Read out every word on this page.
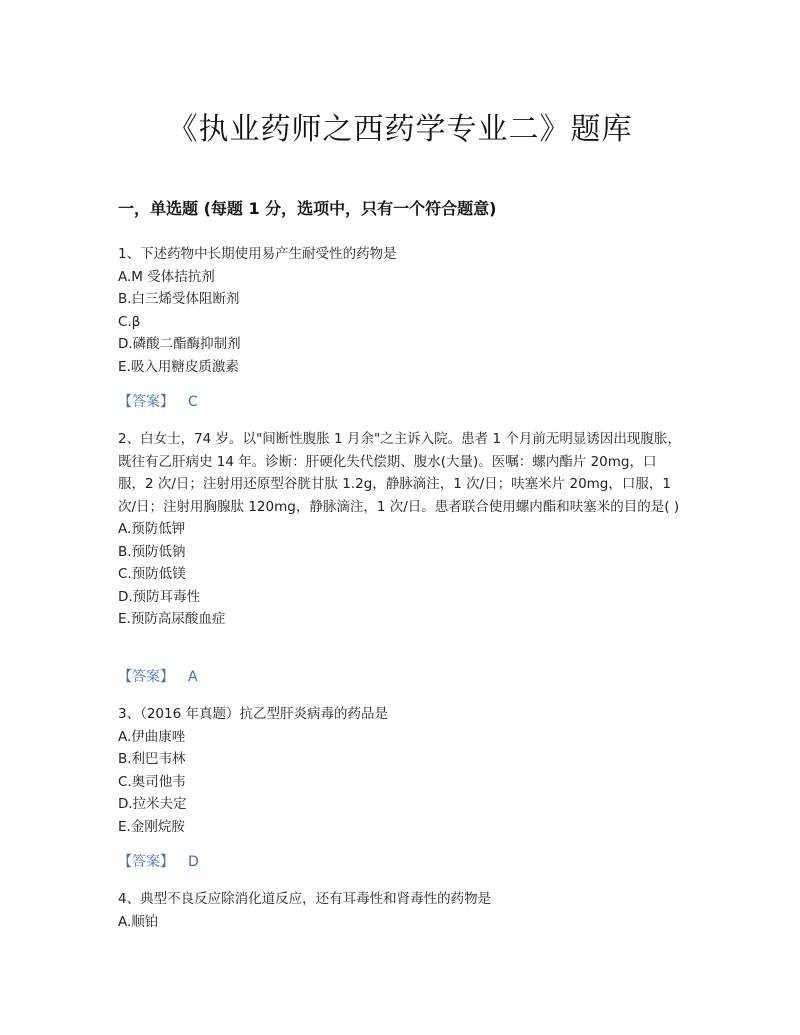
《执业药师之西药学专业二》题库
一，单选题 (每题 1 分，选项中，只有一个符合题意)

1、下述药物中长期使用易产生耐受性的药物是

A.M 受体拮抗剂

B.白三烯受体阻断剂

C.β

D.磷酸二酯酶抑制剂

E.吸入用糖皮质激素

【答案】 C

2、白女士，74 岁。以"间断性腹胀 1 月余"之主诉入院。患者 1 个月前无明显诱因出现腹胀，既往有乙肝病史 14 年。诊断：肝硬化失代偿期、腹水(大量)。医嘱：螺内酯片 20mg，口服，2 次/日；注射用还原型谷胱甘肽 1.2g，静脉滴注，1 次/日；呋塞米片 20mg，口服，1 次/日；注射用胸腺肽 120mg，静脉滴注，1 次/日。患者联合使用螺内酯和呋塞米的目的是( )

A.预防低钾

B.预防低钠

C.预防低镁

D.预防耳毒性

E.预防高尿酸血症

【答案】 A

3、（2016 年真题）抗乙型肝炎病毒的药品是

A.伊曲康唑

B.利巴韦林

C.奥司他韦

D.拉米夫定

E.金刚烷胺

【答案】 D

4、典型不良反应除消化道反应，还有耳毒性和肾毒性的药物是

A.顺铂
